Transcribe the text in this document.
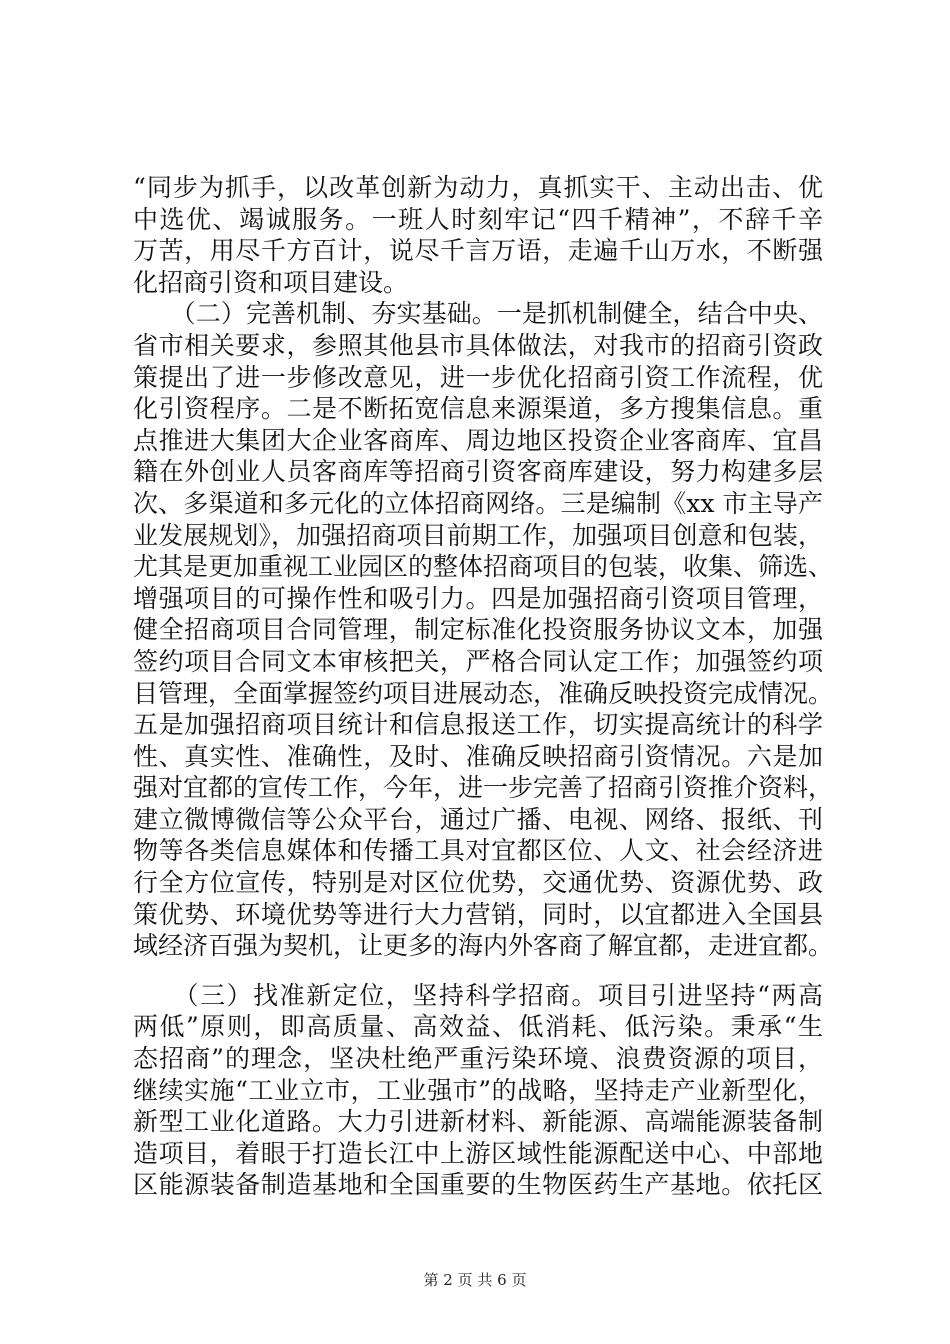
“同步为抓手，以改革创新为动力，真抓实干、主动出击、优
中选优、竭诚服务。一班人时刻牢记“四千精神”，不辞千辛
万苦，用尽千方百计，说尽千言万语，走遍千山万水，不断强
化招商引资和项目建设。
　　（二）完善机制、夯实基础。一是抓机制健全，结合中央、
省市相关要求，参照其他县市具体做法，对我市的招商引资政
策提出了进一步修改意见，进一步优化招商引资工作流程，优
化引资程序。二是不断拓宽信息来源渠道，多方搜集信息。重
点推进大集团大企业客商库、周边地区投资企业客商库、宜昌
籍在外创业人员客商库等招商引资客商库建设，努力构建多层
次、多渠道和多元化的立体招商网络。三是编制《xx 市主导产
业发展规划》，加强招商项目前期工作，加强项目创意和包装，
尤其是更加重视工业园区的整体招商项目的包装，收集、筛选、
增强项目的可操作性和吸引力。四是加强招商引资项目管理，
健全招商项目合同管理，制定标准化投资服务协议文本，加强
签约项目合同文本审核把关，严格合同认定工作；加强签约项
目管理，全面掌握签约项目进展动态，准确反映投资完成情况。
五是加强招商项目统计和信息报送工作，切实提高统计的科学
性、真实性、准确性，及时、准确反映招商引资情况。六是加
强对宜都的宣传工作，今年，进一步完善了招商引资推介资料，
建立微博微信等公众平台，通过广播、电视、网络、报纸、刊
物等各类信息媒体和传播工具对宜都区位、人文、社会经济进
行全方位宣传，特别是对区位优势，交通优势、资源优势、政
策优势、环境优势等进行大力营销，同时，以宜都进入全国县
域经济百强为契机，让更多的海内外客商了解宜都，走进宜都。
　　（三）找准新定位，坚持科学招商。项目引进坚持“两高
两低”原则，即高质量、高效益、低消耗、低污染。秉承“生
态招商”的理念，坚决杜绝严重污染环境、浪费资源的项目，
继续实施“工业立市，工业强市”的战略，坚持走产业新型化，
新型工业化道路。大力引进新材料、新能源、高端能源装备制
造项目，着眼于打造长江中上游区域性能源配送中心、中部地
区能源装备制造基地和全国重要的生物医药生产基地。依托区
第 2 页 共 6 页
